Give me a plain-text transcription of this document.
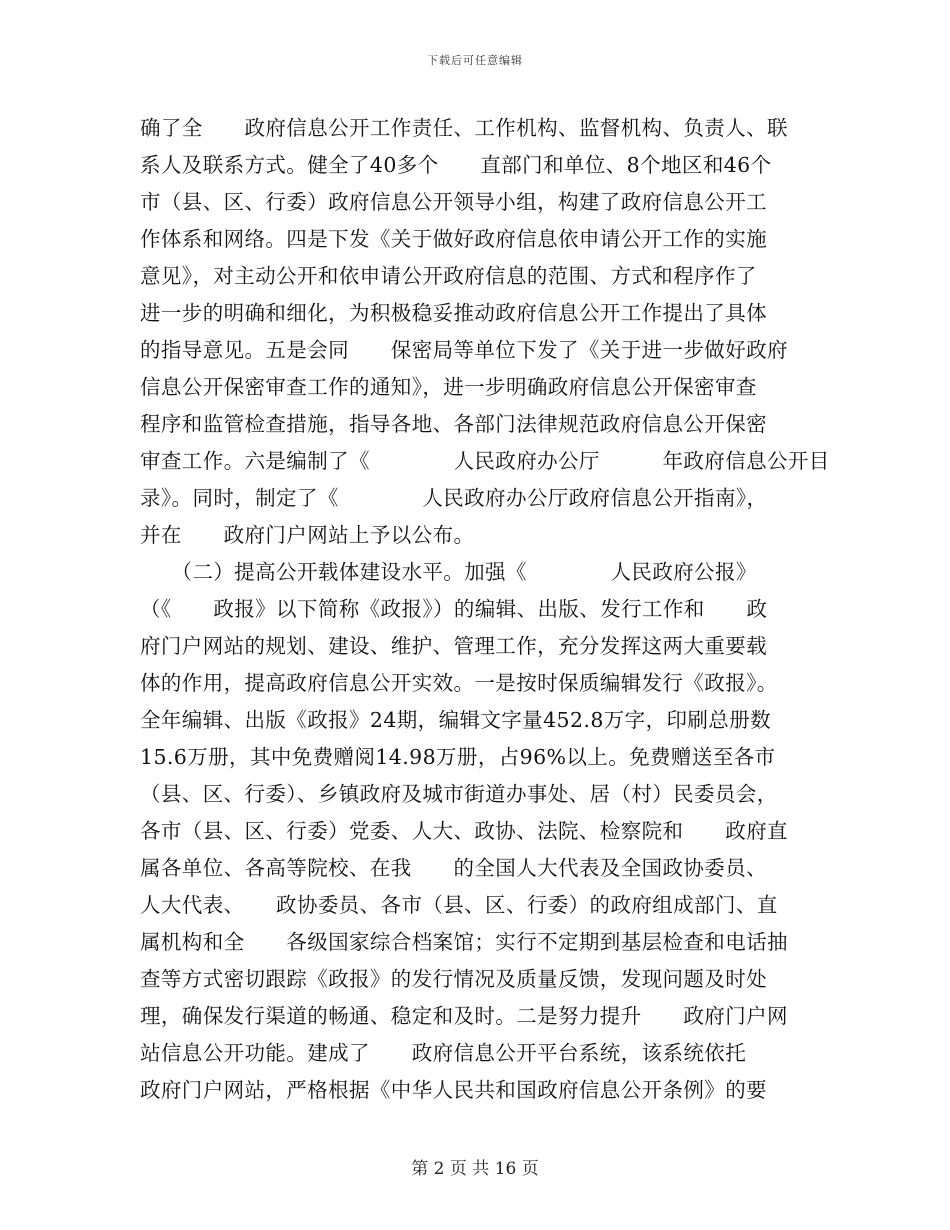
下载后可任意编辑
确了全　　政府信息公开工作责任、工作机构、监督机构、负责人、联
系人及联系方式。健全了40多个　　直部门和单位、8个地区和46个
市（县、区、行委）政府信息公开领导小组，构建了政府信息公开工
作体系和网络。四是下发《关于做好政府信息依申请公开工作的实施
意见》，对主动公开和依申请公开政府信息的范围、方式和程序作了
进一步的明确和细化，为积极稳妥推动政府信息公开工作提出了具体
的指导意见。五是会同　　保密局等单位下发了《关于进一步做好政府
信息公开保密审查工作的通知》，进一步明确政府信息公开保密审查
程序和监管检查措施，指导各地、各部门法律规范政府信息公开保密
审查工作。六是编制了《　　　　人民政府办公厅　　　年政府信息公开目
录》。同时，制定了《　　　　人民政府办公厅政府信息公开指南》，
并在　　政府门户网站上予以公布。
　　（二）提高公开载体建设水平。加强《　　　　人民政府公报》
（《　　政报》以下简称《政报》）的编辑、出版、发行工作和　　政
府门户网站的规划、建设、维护、管理工作，充分发挥这两大重要载
体的作用，提高政府信息公开实效。一是按时保质编辑发行《政报》。
全年编辑、出版《政报》24期，编辑文字量452.8万字，印刷总册数
15.6万册，其中免费赠阅14.98万册，占96%以上。免费赠送至各市
（县、区、行委）、乡镇政府及城市街道办事处、居（村）民委员会，
各市（县、区、行委）党委、人大、政协、法院、检察院和　　政府直
属各单位、各高等院校、在我　　的全国人大代表及全国政协委员、
人大代表、　　政协委员、各市（县、区、行委）的政府组成部门、直
属机构和全　　各级国家综合档案馆；实行不定期到基层检查和电话抽
查等方式密切跟踪《政报》的发行情况及质量反馈，发现问题及时处
理，确保发行渠道的畅通、稳定和及时。二是努力提升　　政府门户网
站信息公开功能。建成了　　政府信息公开平台系统，该系统依托
政府门户网站，严格根据《中华人民共和国政府信息公开条例》的要
第 2 页 共 16 页
